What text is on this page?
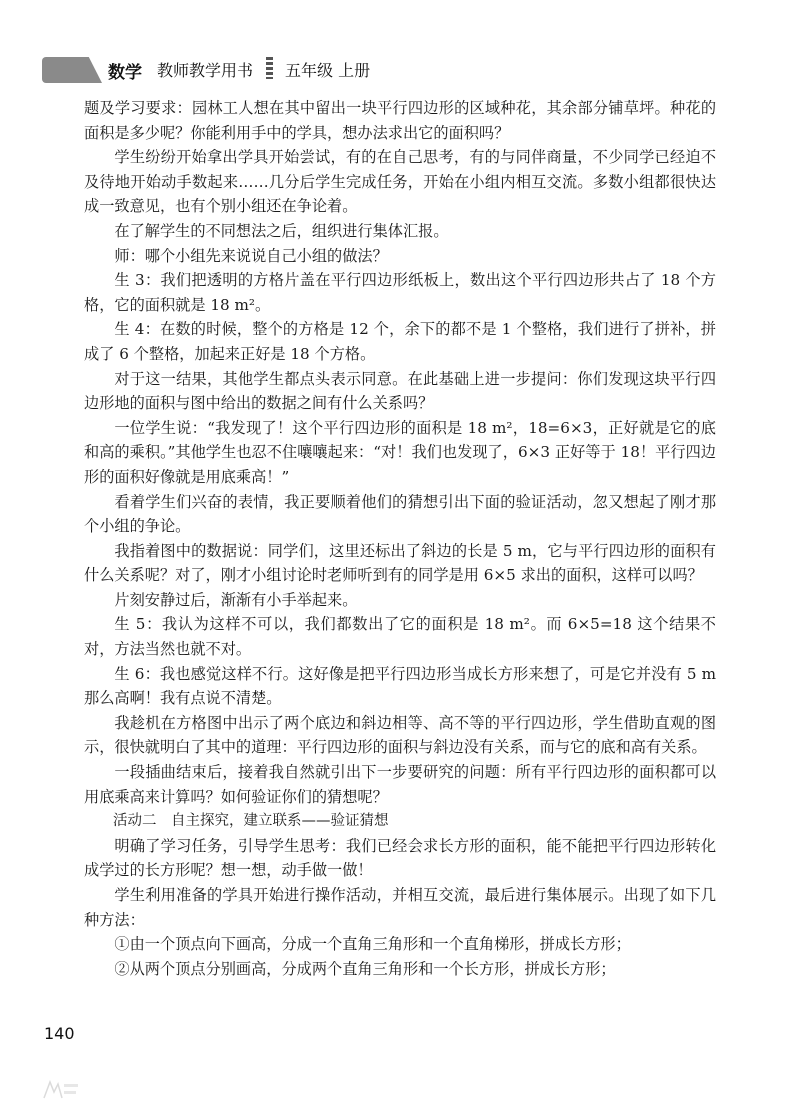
数学 教师教学用书 五年级 上册

题及学习要求：园林工人想在其中留出一块平行四边形的区域种花，其余部分铺草坪。种花的面积是多少呢？你能利用手中的学具，想办法求出它的面积吗？

学生纷纷开始拿出学具开始尝试，有的在自己思考，有的与同伴商量，不少同学已经迫不及待地开始动手数起来……几分后学生完成任务，开始在小组内相互交流。多数小组都很快达成一致意见，也有个别小组还在争论着。

在了解学生的不同想法之后，组织进行集体汇报。

师：哪个小组先来说说自己小组的做法？

生 3：我们把透明的方格片盖在平行四边形纸板上，数出这个平行四边形共占了 18 个方格，它的面积就是 18 m²。

生 4：在数的时候，整个的方格是 12 个，余下的都不是 1 个整格，我们进行了拼补，拼成了 6 个整格，加起来正好是 18 个方格。

对于这一结果，其他学生都点头表示同意。在此基础上进一步提问：你们发现这块平行四边形地的面积与图中给出的数据之间有什么关系吗？

一位学生说：“我发现了！这个平行四边形的面积是 18 m²，18=6×3，正好就是它的底和高的乘积。”其他学生也忍不住嚷嚷起来：“对！我们也发现了，6×3 正好等于 18！平行四边形的面积好像就是用底乘高！”

看着学生们兴奋的表情，我正要顺着他们的猜想引出下面的验证活动，忽又想起了刚才那个小组的争论。

我指着图中的数据说：同学们，这里还标出了斜边的长是 5 m，它与平行四边形的面积有什么关系呢？对了，刚才小组讨论时老师听到有的同学是用 6×5 求出的面积，这样可以吗？

片刻安静过后，渐渐有小手举起来。

生 5：我认为这样不可以，我们都数出了它的面积是 18 m²。而 6×5=18 这个结果不对，方法当然也就不对。

生 6：我也感觉这样不行。这好像是把平行四边形当成长方形来想了，可是它并没有 5 m 那么高啊！我有点说不清楚。

我趁机在方格图中出示了两个底边和斜边相等、高不等的平行四边形，学生借助直观的图示，很快就明白了其中的道理：平行四边形的面积与斜边没有关系，而与它的底和高有关系。

一段插曲结束后，接着我自然就引出下一步要研究的问题：所有平行四边形的面积都可以用底乘高来计算吗？如何验证你们的猜想呢？

活动二　自主探究，建立联系——验证猜想

明确了学习任务，引导学生思考：我们已经会求长方形的面积，能不能把平行四边形转化成学过的长方形呢？想一想，动手做一做！

学生利用准备的学具开始进行操作活动，并相互交流，最后进行集体展示。出现了如下几种方法：

①由一个顶点向下画高，分成一个直角三角形和一个直角梯形，拼成长方形；

②从两个顶点分别画高，分成两个直角三角形和一个长方形，拼成长方形；

140
